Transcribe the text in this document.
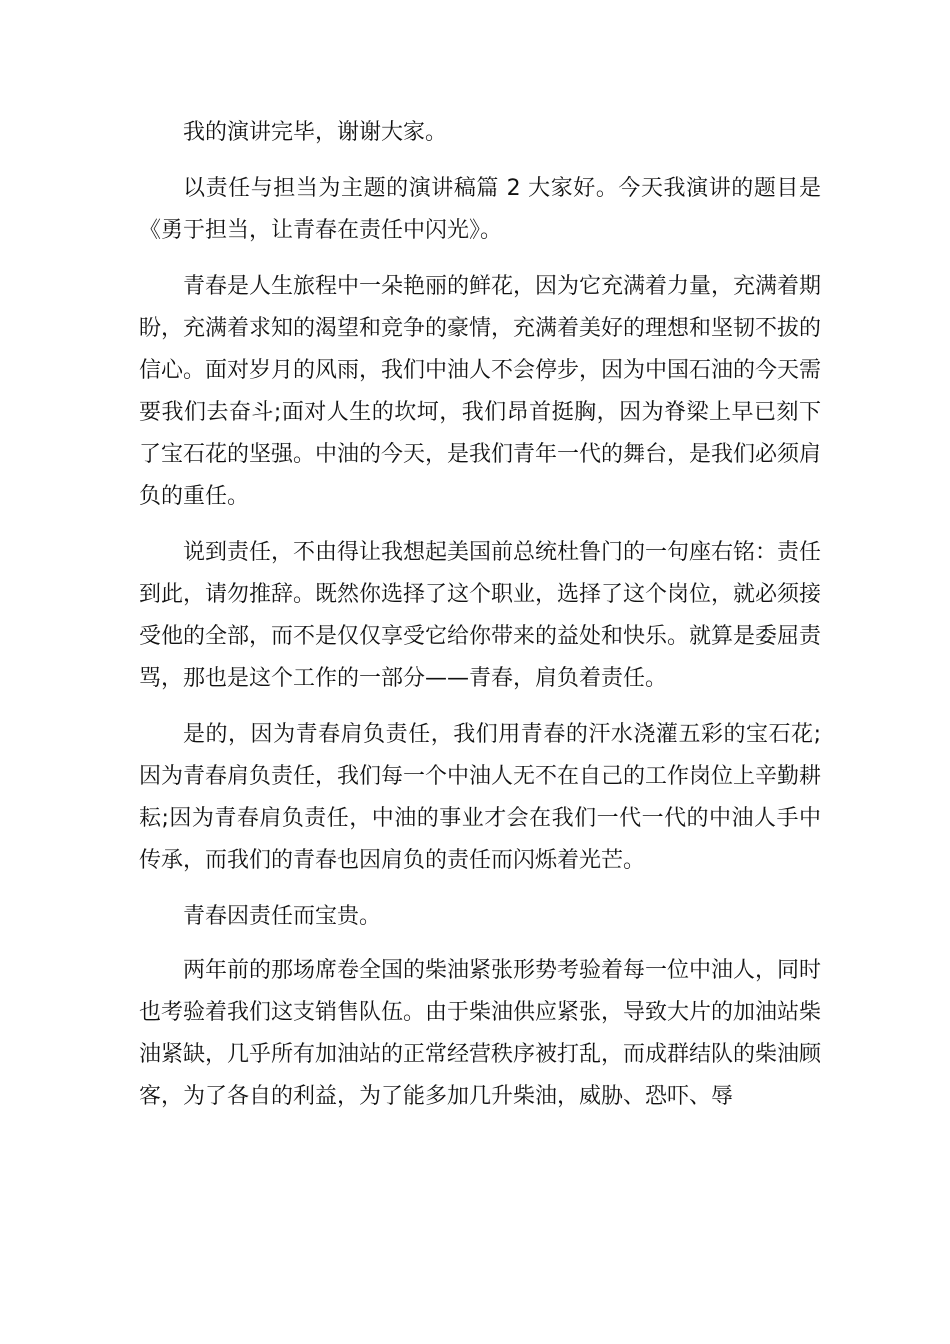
我的演讲完毕，谢谢大家。

以责任与担当为主题的演讲稿篇 2 大家好。今天我演讲的题目是《勇于担当，让青春在责任中闪光》。

青春是人生旅程中一朵艳丽的鲜花，因为它充满着力量，充满着期盼，充满着求知的渴望和竞争的豪情，充满着美好的理想和坚韧不拔的信心。面对岁月的风雨，我们中油人不会停步，因为中国石油的今天需要我们去奋斗;面对人生的坎坷，我们昂首挺胸，因为脊梁上早已刻下了宝石花的坚强。中油的今天，是我们青年一代的舞台，是我们必须肩负的重任。

说到责任，不由得让我想起美国前总统杜鲁门的一句座右铭：责任到此，请勿推辞。既然你选择了这个职业，选择了这个岗位，就必须接受他的全部，而不是仅仅享受它给你带来的益处和快乐。就算是委屈责骂，那也是这个工作的一部分——青春，肩负着责任。

是的，因为青春肩负责任，我们用青春的汗水浇灌五彩的宝石花;因为青春肩负责任，我们每一个中油人无不在自己的工作岗位上辛勤耕耘;因为青春肩负责任，中油的事业才会在我们一代一代的中油人手中传承，而我们的青春也因肩负的责任而闪烁着光芒。

青春因责任而宝贵。

两年前的那场席卷全国的柴油紧张形势考验着每一位中油人，同时也考验着我们这支销售队伍。由于柴油供应紧张，导致大片的加油站柴油紧缺，几乎所有加油站的正常经营秩序被打乱，而成群结队的柴油顾客，为了各自的利益，为了能多加几升柴油，威胁、恐吓、辱
